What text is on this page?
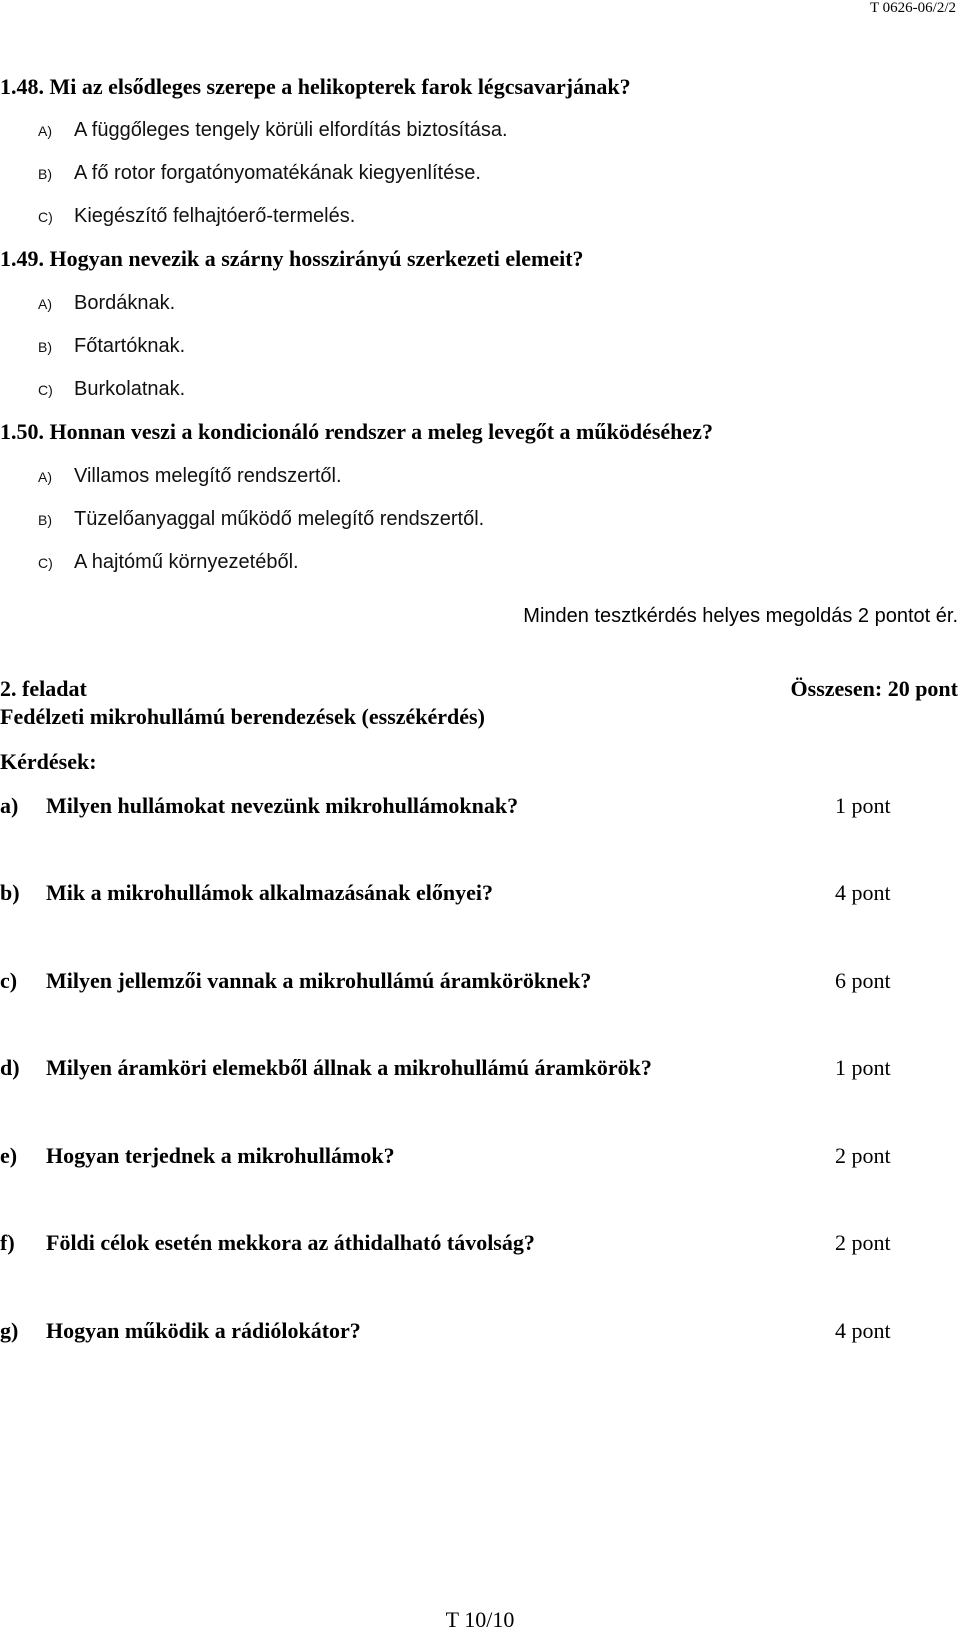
T 0626-06/2/2
1.48. Mi az elsődleges szerepe a helikopterek farok légcsavarjának?
A) A függőleges tengely körüli elfordítás biztosítása.
B) A fő rotor forgatónyomatékának kiegyenlítése.
C) Kiegészítő felhajtóerő-termelés.
1.49. Hogyan nevezik a szárny hosszirányú szerkezeti elemeit?
A) Bordáknak.
B) Főtartóknak.
C) Burkolatnak.
1.50. Honnan veszi a kondicionáló rendszer a meleg levegőt a működéséhez?
A) Villamos melegítő rendszertől.
B) Tüzelőanyaggal működő melegítő rendszertől.
C) A hajtómű környezetéből.
Minden tesztkérdés helyes megoldás 2 pontot ér.
2. feladat	Összesen: 20 pont
Fedélzeti mikrohullámú berendezések (esszékérdés)
Kérdések:
a) Milyen hullámokat nevezünk mikrohullámoknak?	1 pont
b) Mik a mikrohullámok alkalmazásának előnyei?	4 pont
c) Milyen jellemzői vannak a mikrohullámú áramköröknek?	6 pont
d) Milyen áramköri elemekből állnak a mikrohullámú áramkörök?	1 pont
e) Hogyan terjednek a mikrohullámok?	2 pont
f) Földi célok esetén mekkora az áthidalható távolság?	2 pont
g) Hogyan működik a rádiólokátor?	4 pont
T 10/10
